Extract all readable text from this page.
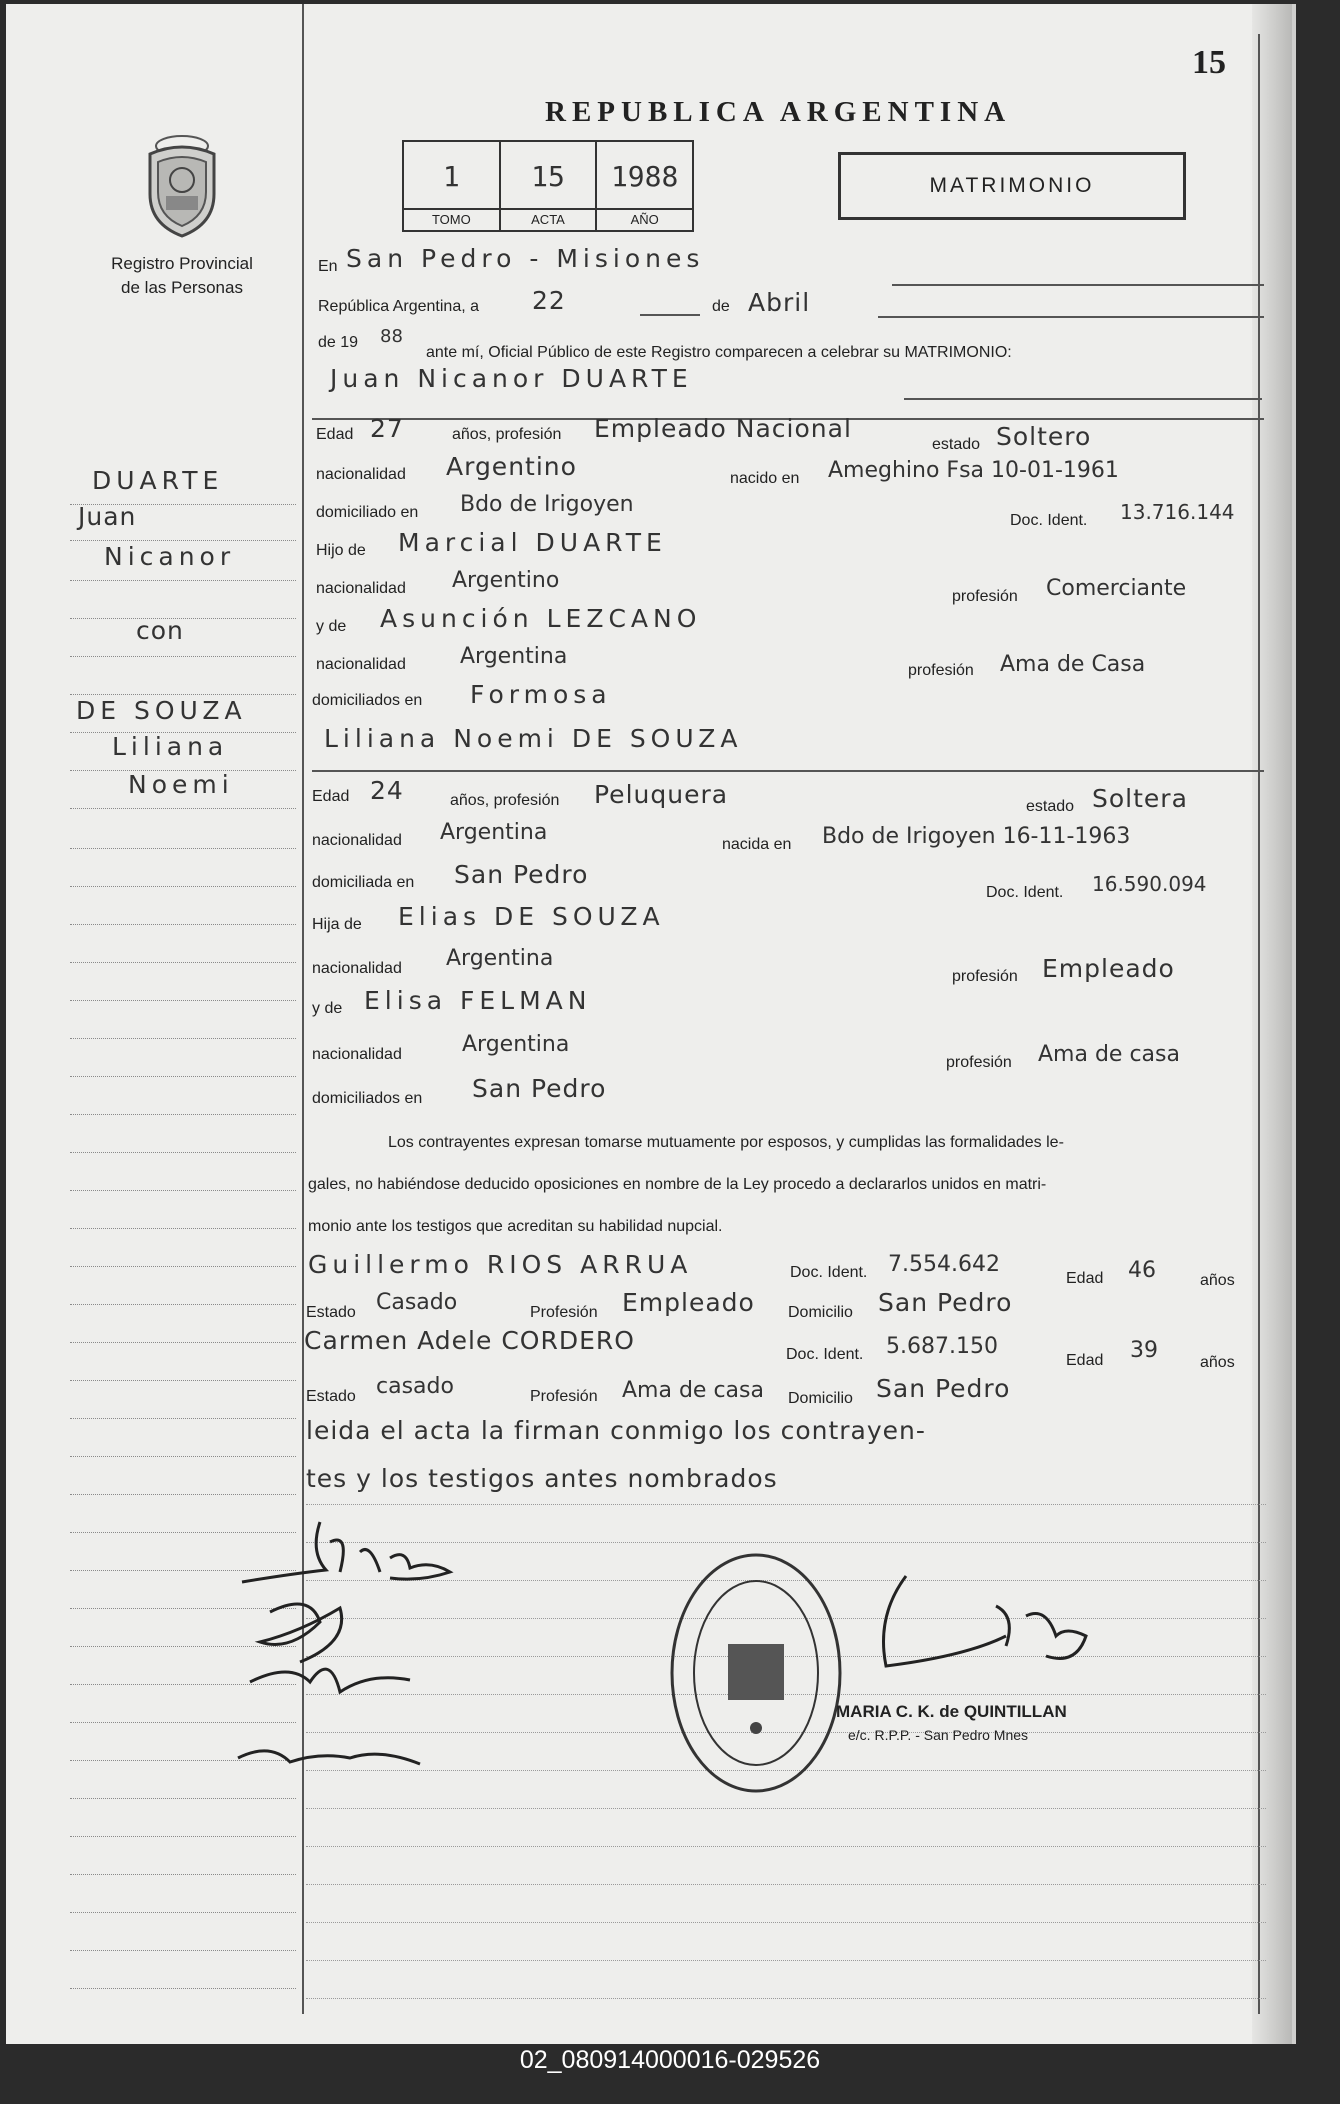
15
REPUBLICA ARGENTINA
1
TOMO
15
ACTA
1988
AÑO
MATRIMONIO
Registro Provincial
de las Personas
DUARTE
Juan
Nicanor
con
DE SOUZA
Liliana
Noemi
En San Pedro - Misiones
República Argentina, a 22	de Abril
de 19 88
ante mí, Oficial Público de este Registro comparecen a celebrar su MATRIMONIO:
Juan Nicanor DUARTE
Edad 27	años, profesión Empleado Nacional
estado Soltero
nacionalidad Argentino	nacido en Ameghino Fsa 10-01-1961
domiciliado en Bdo de Irigoyen
Doc. Ident. 13.716.144
Hijo de Marcial DUARTE
nacionalidad Argentino
profesión Comerciante
y de Asunción LEZCANO
nacionalidad Argentina
profesión Ama de Casa
domiciliados en Formosa
Liliana Noemi DE SOUZA
Edad 24	años, profesión Peluquera	estado Soltera
nacionalidad Argentina	nacida en Bdo de Irigoyen 16-11-1963
domiciliada en San Pedro
Doc. Ident. 16.590.094
Hija de Elias DE SOUZA
nacionalidad Argentina
profesión Empleado
y de Elisa FELMAN
nacionalidad	Argentina
profesión Ama de casa
domiciliados en San Pedro
Los contrayentes expresan tomarse mutuamente por esposos, y cumplidas las formalidades le-
gales, no habiéndose deducido oposiciones en nombre de la Ley procedo a declararlos unidos en matri-
monio ante los testigos que acreditan su habilidad nupcial.
Guillermo RIOS ARRUA	Doc. Ident. 7.554.642
Edad 46	años
Estado Casado	Profesión Empleado Domicilio San Pedro
Carmen Adele CORDERO	Doc. Ident. 5.687.150
Edad 39	años
Estado casado	Profesión Ama de casa Domicilio San Pedro
leida el acta la firman conmigo los contrayen-
tes y los testigos antes nombrados
MARIA C. K. de QUINTILLAN
e/c. R.P.P. - San Pedro Mnes
02_080914000016-029526
